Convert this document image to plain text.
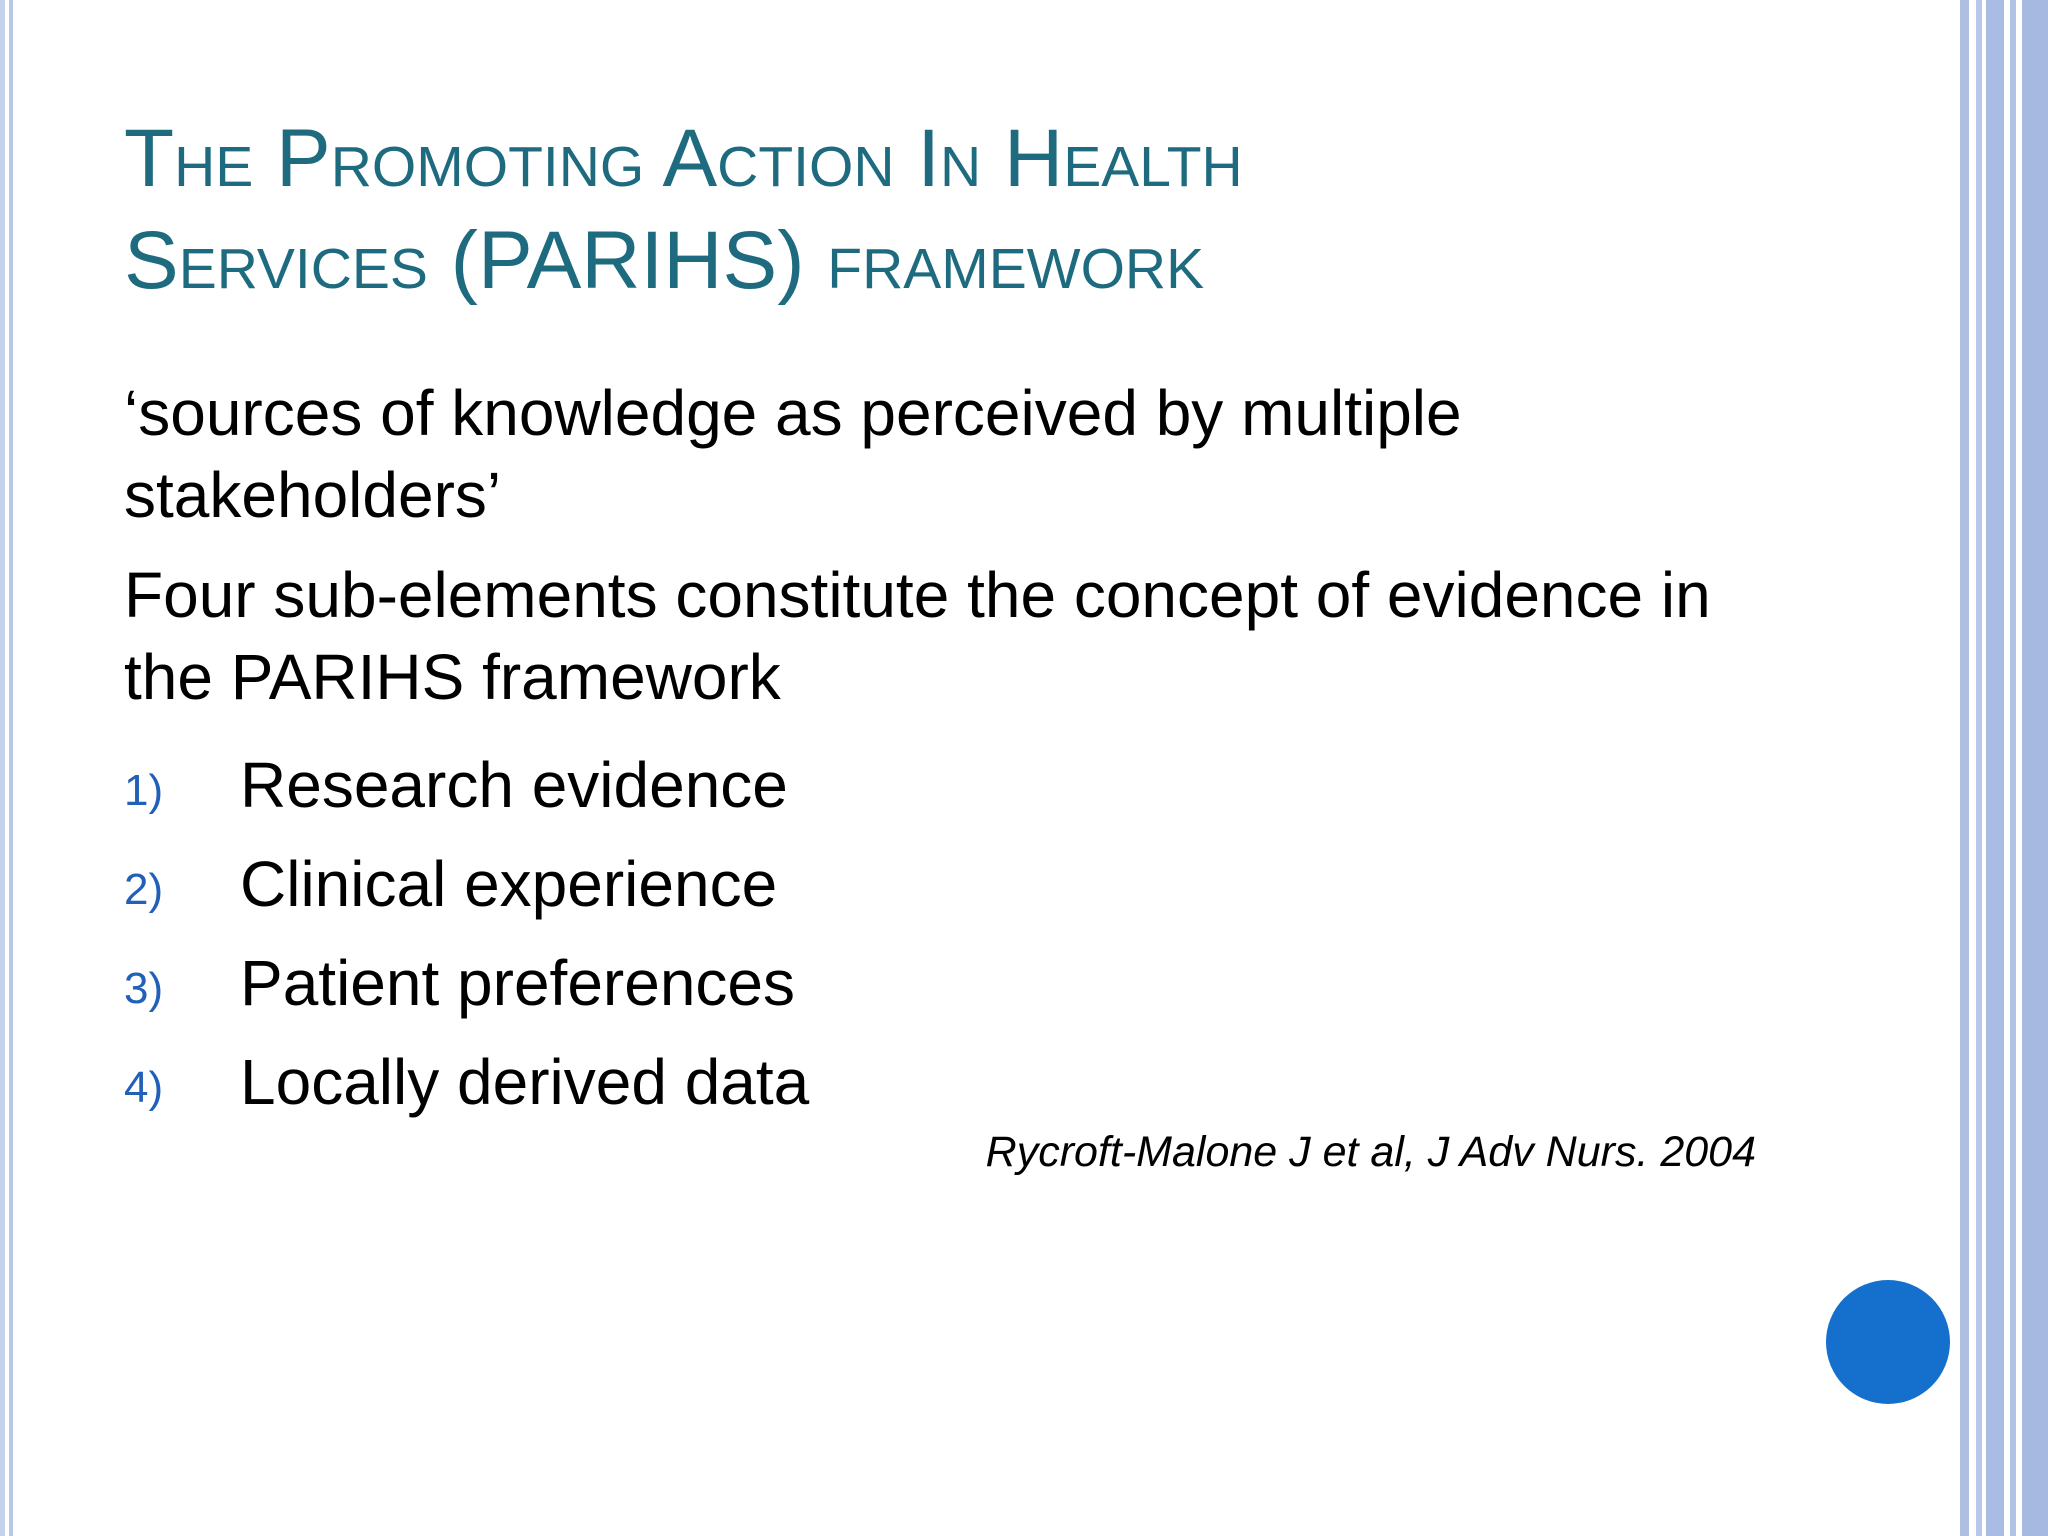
The Promoting Action In Health
Services (PARIHS) framework

‘sources of knowledge as perceived by multiple stakeholders’

Four sub-elements constitute the concept of evidence in the PARIHS framework

1)	Research evidence
2)	Clinical experience
3)	Patient preferences
4)	Locally derived data
Rycroft-Malone J et al, J Adv Nurs. 2004
